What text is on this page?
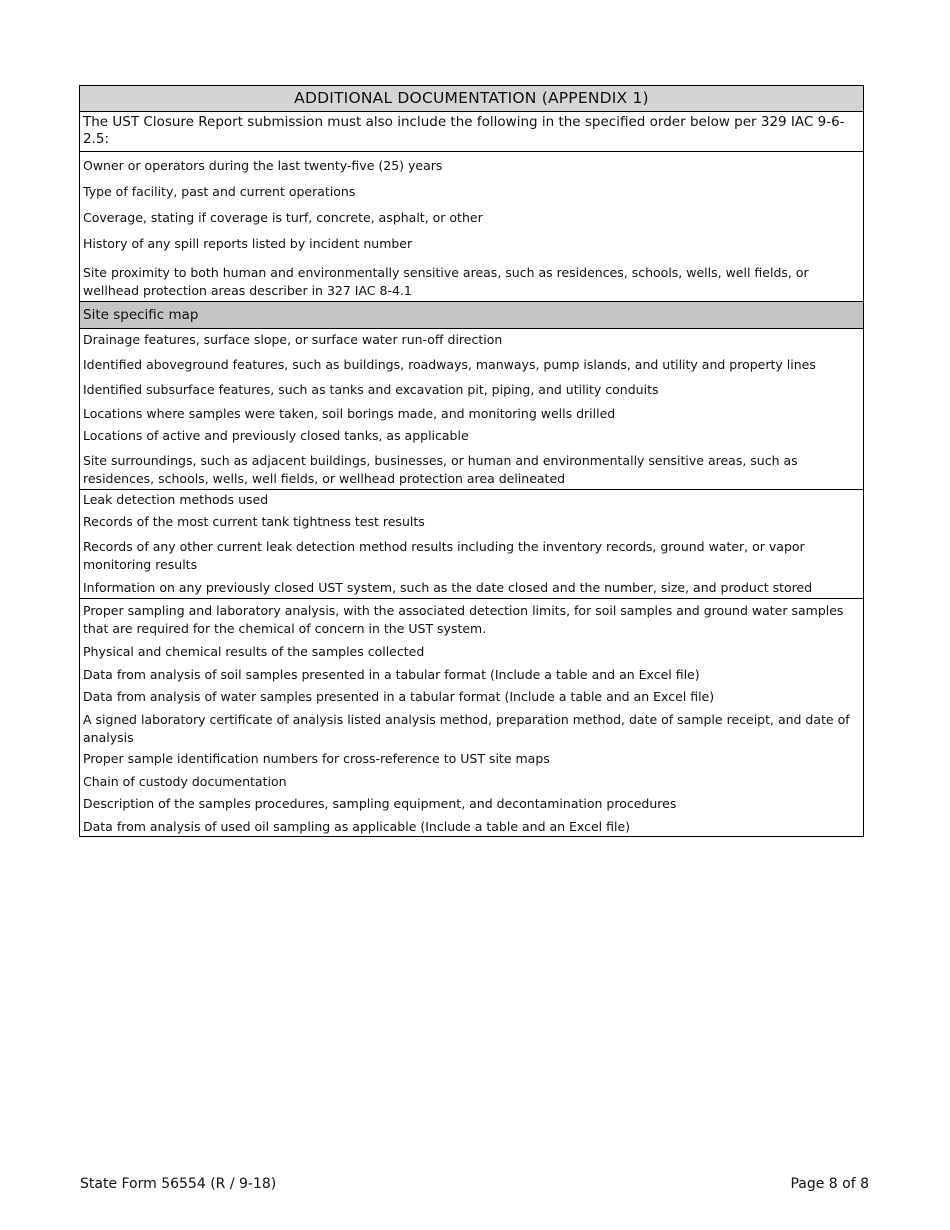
ADDITIONAL DOCUMENTATION (APPENDIX 1)
The UST Closure Report submission must also include the following in the specified order below per 329 IAC 9-6-2.5:
Owner or operators during the last twenty-five (25) years
Type of facility, past and current operations
Coverage, stating if coverage is turf, concrete, asphalt, or other
History of any spill reports listed by incident number
Site proximity to both human and environmentally sensitive areas, such as residences, schools, wells, well fields, or wellhead protection areas describer in 327 IAC 8-4.1
Site specific map
Drainage features, surface slope, or surface water run-off direction
Identified aboveground features, such as buildings, roadways, manways, pump islands, and utility and property lines
Identified subsurface features, such as tanks and excavation pit, piping, and utility conduits
Locations where samples were taken, soil borings made, and monitoring wells drilled
Locations of active and previously closed tanks, as applicable
Site surroundings, such as adjacent buildings, businesses, or human and environmentally sensitive areas, such as residences, schools, wells, well fields, or wellhead protection area delineated
Leak detection methods used
Records of the most current tank tightness test results
Records of any other current leak detection method results including the inventory records, ground water, or vapor monitoring results
Information on any previously closed UST system, such as the date closed and the number, size, and product stored
Proper sampling and laboratory analysis, with the associated detection limits, for soil samples and ground water samples that are required for the chemical of concern in the UST system.
Physical and chemical results of the samples collected
Data from analysis of soil samples presented in a tabular format (Include a table and an Excel file)
Data from analysis of water samples presented in a tabular format (Include a table and an Excel file)
A signed laboratory certificate of analysis listed analysis method, preparation method, date of sample receipt, and date of analysis
Proper sample identification numbers for cross-reference to UST site maps
Chain of custody documentation
Description of the samples procedures, sampling equipment, and decontamination procedures
Data from analysis of used oil sampling as applicable (Include a table and an Excel file)
State Form 56554 (R / 9-18)	Page 8 of 8
